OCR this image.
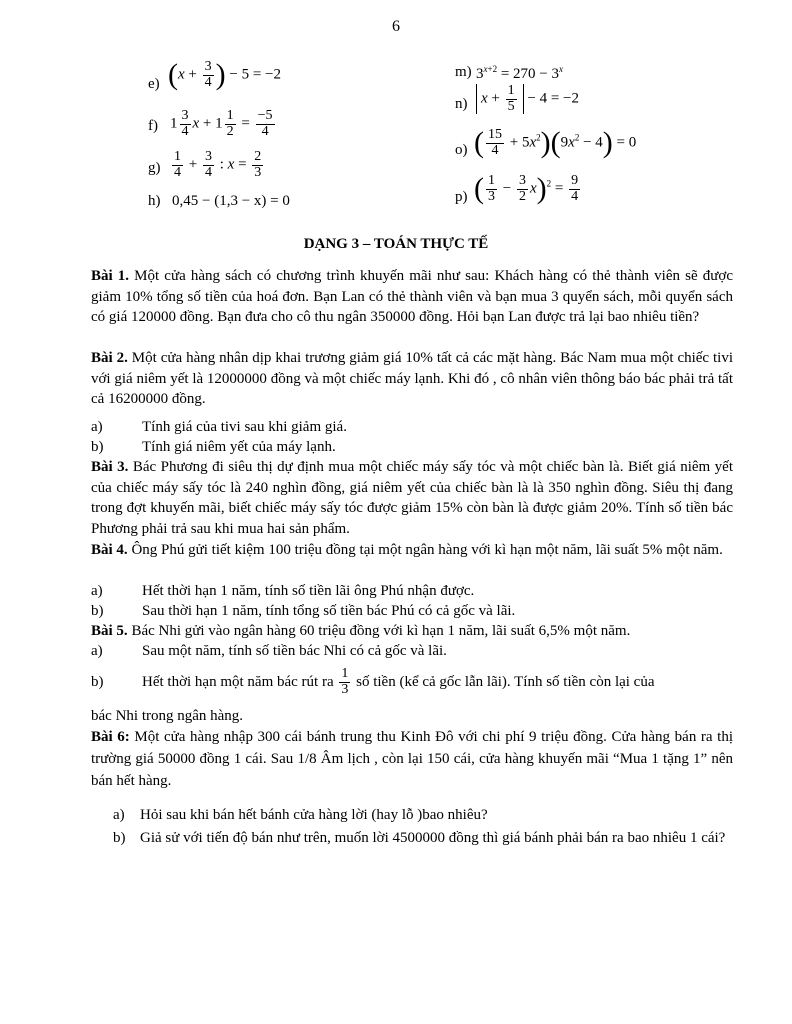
6
e) ($x + \frac{3}{4}$ ) − 5 = −2
f) $1 \frac{3}{4}$ $x + 1 \frac{1}{2} = \frac{-5}{4}$
$g) \frac{1}{4} + \frac{3}{4}$ : $x = \frac{2}{3}$
h) 0,45 − (1,3 − x) = 0
m) $3^{x+2} = 270 - 3^x$
n) $x + \frac{1}{5} - 4 = -2$
o) ( $\frac{15}{4} + 5x^2)(9x^2 - 4) = 0$
p) ( $\frac{1}{3} - \frac{3}{2} x)^2 = \frac{9}{4}$
DẠNG 3 – TOÁN THỰC TẾ
Bài 1. Một cửa hàng sách có chương trình khuyến mãi như sau: Khách hàng có thẻ thành viên sẽ được giảm 10% tổng số tiền của hoá đơn. Bạn Lan có thẻ thành viên và bạn mua 3 quyển sách, mỗi quyển sách có giá 120000 đồng. Bạn đưa cho cô thu ngân 350000 đồng. Hỏi bạn Lan được trả lại bao nhiêu tiền?
Bài 2. Một cửa hàng nhân dịp khai trương giảm giá 10% tất cả các mặt hàng. Bác Nam mua một chiếc tivi với giá niêm yết là 12000000 đồng và một chiếc máy lạnh. Khi đó , cô nhân viên thông báo bác phải trả tất cả 16200000 đồng.
a)	Tính giá của tivi sau khi giảm giá.
b)	Tính giá niêm yết của máy lạnh.
Bài 3. Bác Phương đi siêu thị dự định mua một chiếc máy sấy tóc và một chiếc bàn là. Biết giá niêm yết của chiếc máy sấy tóc là 240 nghìn đồng, giá niêm yết của chiếc bàn là là 350 nghìn đồng. Siêu thị đang trong đợt khuyến mãi, biết chiếc máy sấy tóc được giảm 15% còn bàn là được giảm 20%. Tính số tiền bác Phương phải trả sau khi mua hai sản phẩm.
Bài 4. Ông Phú gửi tiết kiệm 100 triệu đồng tại một ngân hàng với kì hạn một năm, lãi suất 5% một năm.
a)	Hết thời hạn 1 năm, tính số tiền lãi ông Phú nhận được.
b)	Sau thời hạn 1 năm, tính tổng số tiền bác Phú có cả gốc và lãi.
Bài 5. Bác Nhi gửi vào ngân hàng 60 triệu đồng với kì hạn 1 năm, lãi suất 6,5% một năm.
a)	Sau một năm, tính số tiền bác Nhi có cả gốc và lãi.
b)	Hết thời hạn một năm bác rút ra $\frac{1}{3}$ số tiền (kể cả gốc lẫn lãi). Tính số tiền còn lại của
bác Nhi trong ngân hàng.
Bài 6: Một cửa hàng nhập 300 cái bánh trung thu Kinh Đô với chi phí 9 triệu đồng. Cửa hàng bán ra thị trường giá 50000 đồng 1 cái. Sau 1/8 Âm lịch , còn lại 150 cái, cửa hàng khuyến mãi “Mua 1 tặng 1” nên bán hết hàng.
a) Hỏi sau khi bán hết bánh cửa hàng lời (hay lỗ )bao nhiêu?
b) Giả sử với tiến độ bán như trên, muốn lời 4500000 đồng thì giá bánh phải bán ra bao nhiêu 1 cái?
